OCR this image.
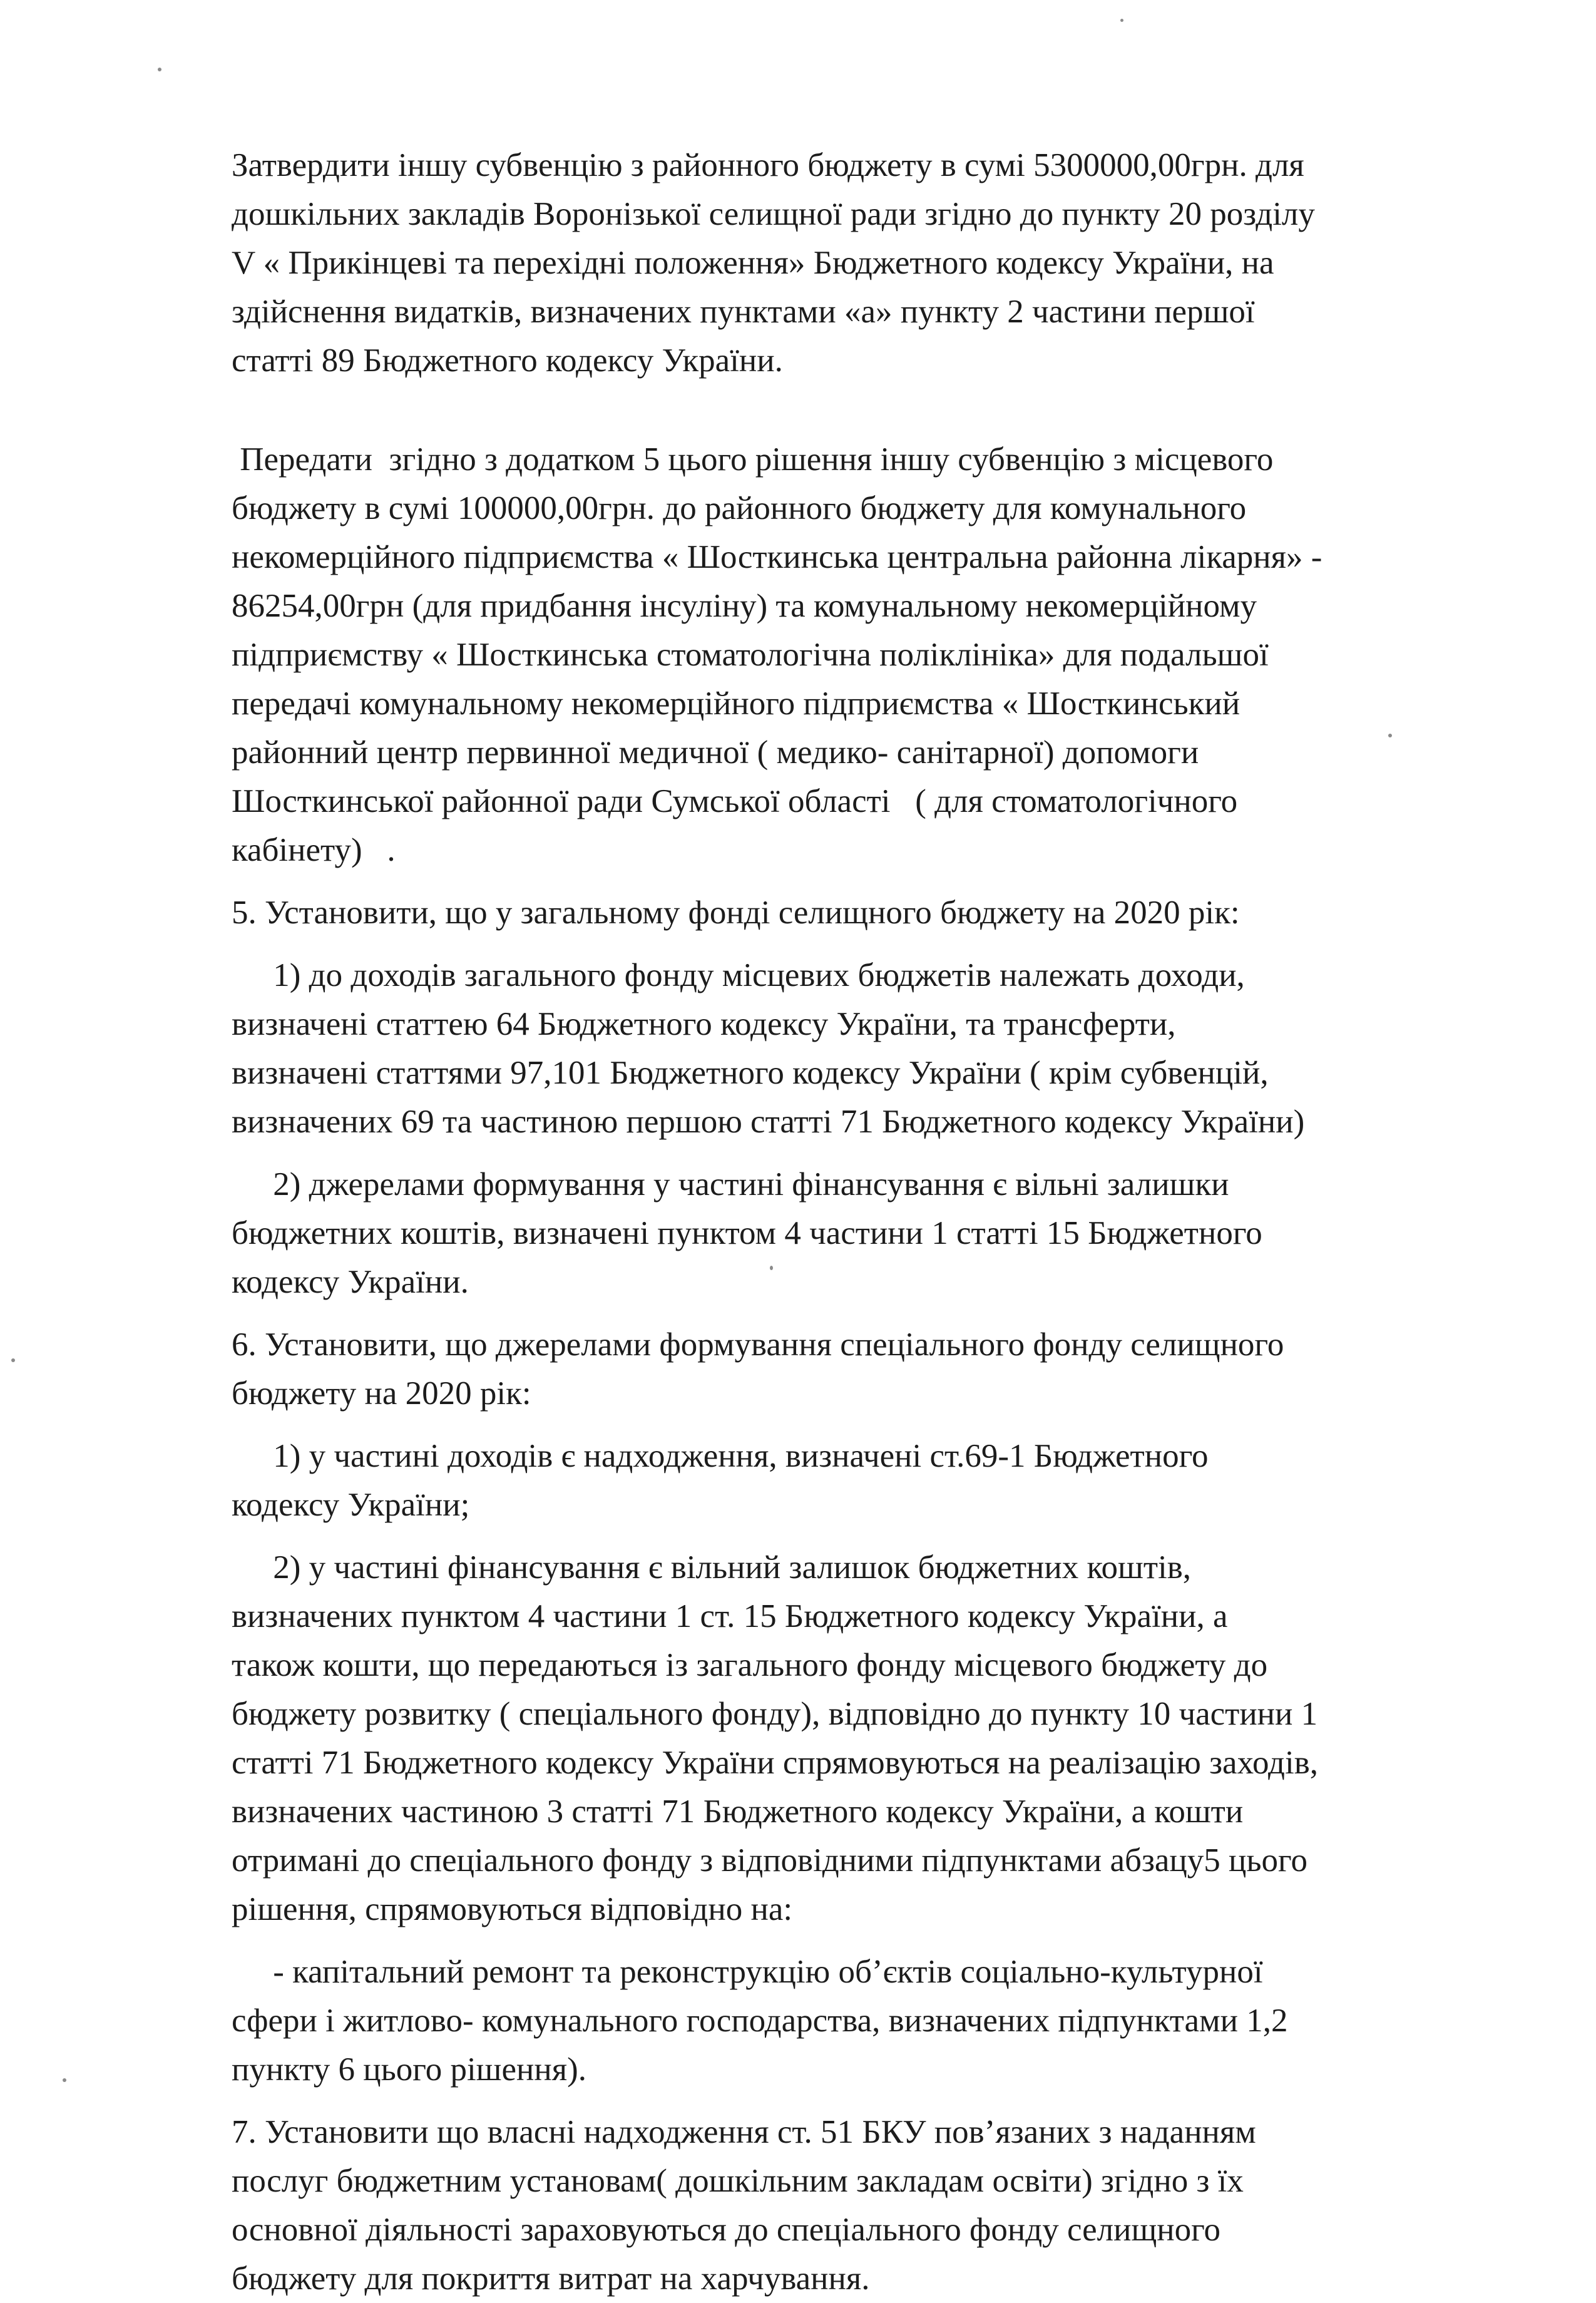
Затвердити іншу субвенцію з районного бюджету в сумі 5300000,00грн. для
дошкільних закладів Воронізької селищної ради згідно до пункту 20 розділу
V « Прикінцеві та перехідні положення» Бюджетного кодексу України, на
здійснення видатків, визначених пунктами «а» пункту 2 частини першої
статті 89 Бюджетного кодексу України.

Передати  згідно з додатком 5 цього рішення іншу субвенцію з місцевого
бюджету в сумі 100000,00грн. до районного бюджету для комунального
некомерційного підприємства « Шосткинська центральна районна лікарня» -
86254,00грн (для придбання інсуліну) та комунальному некомерційному
підприємству « Шосткинська стоматологічна поліклініка» для подальшої
передачі комунальному некомерційного підприємства « Шосткинський
районний центр первинної медичної ( медико- санітарної) допомоги
Шосткинської районної ради Сумської області   ( для стоматологічного
кабінету)   .

5. Установити, що у загальному фонді селищного бюджету на 2020 рік:

1) до доходів загального фонду місцевих бюджетів належать доходи,
визначені статтею 64 Бюджетного кодексу України, та трансферти,
визначені статтями 97,101 Бюджетного кодексу України ( крім субвенцій,
визначених 69 та частиною першою статті 71 Бюджетного кодексу України)

2) джерелами формування у частині фінансування є вільні залишки
бюджетних коштів, визначені пунктом 4 частини 1 статті 15 Бюджетного
кодексу України.

6. Установити, що джерелами формування спеціального фонду селищного
бюджету на 2020 рік:

1) у частині доходів є надходження, визначені ст.69-1 Бюджетного
кодексу України;

2) у частині фінансування є вільний залишок бюджетних коштів,
визначених пунктом 4 частини 1 ст. 15 Бюджетного кодексу України, а
також кошти, що передаються із загального фонду місцевого бюджету до
бюджету розвитку ( спеціального фонду), відповідно до пункту 10 частини 1
статті 71 Бюджетного кодексу України спрямовуються на реалізацію заходів,
визначених частиною 3 статті 71 Бюджетного кодексу України, а кошти
отримані до спеціального фонду з відповідними підпунктами абзацу5 цього
рішення, спрямовуються відповідно на:

- капітальний ремонт та реконструкцію об’єктів соціально-культурної
сфери і житлово- комунального господарства, визначених підпунктами 1,2
пункту 6 цього рішення).

7. Установити що власні надходження ст. 51 БКУ пов’язаних з наданням
послуг бюджетним установам( дошкільним закладам освіти) згідно з їх
основної діяльності зараховуються до спеціального фонду селищного
бюджету для покриття витрат на харчування.
